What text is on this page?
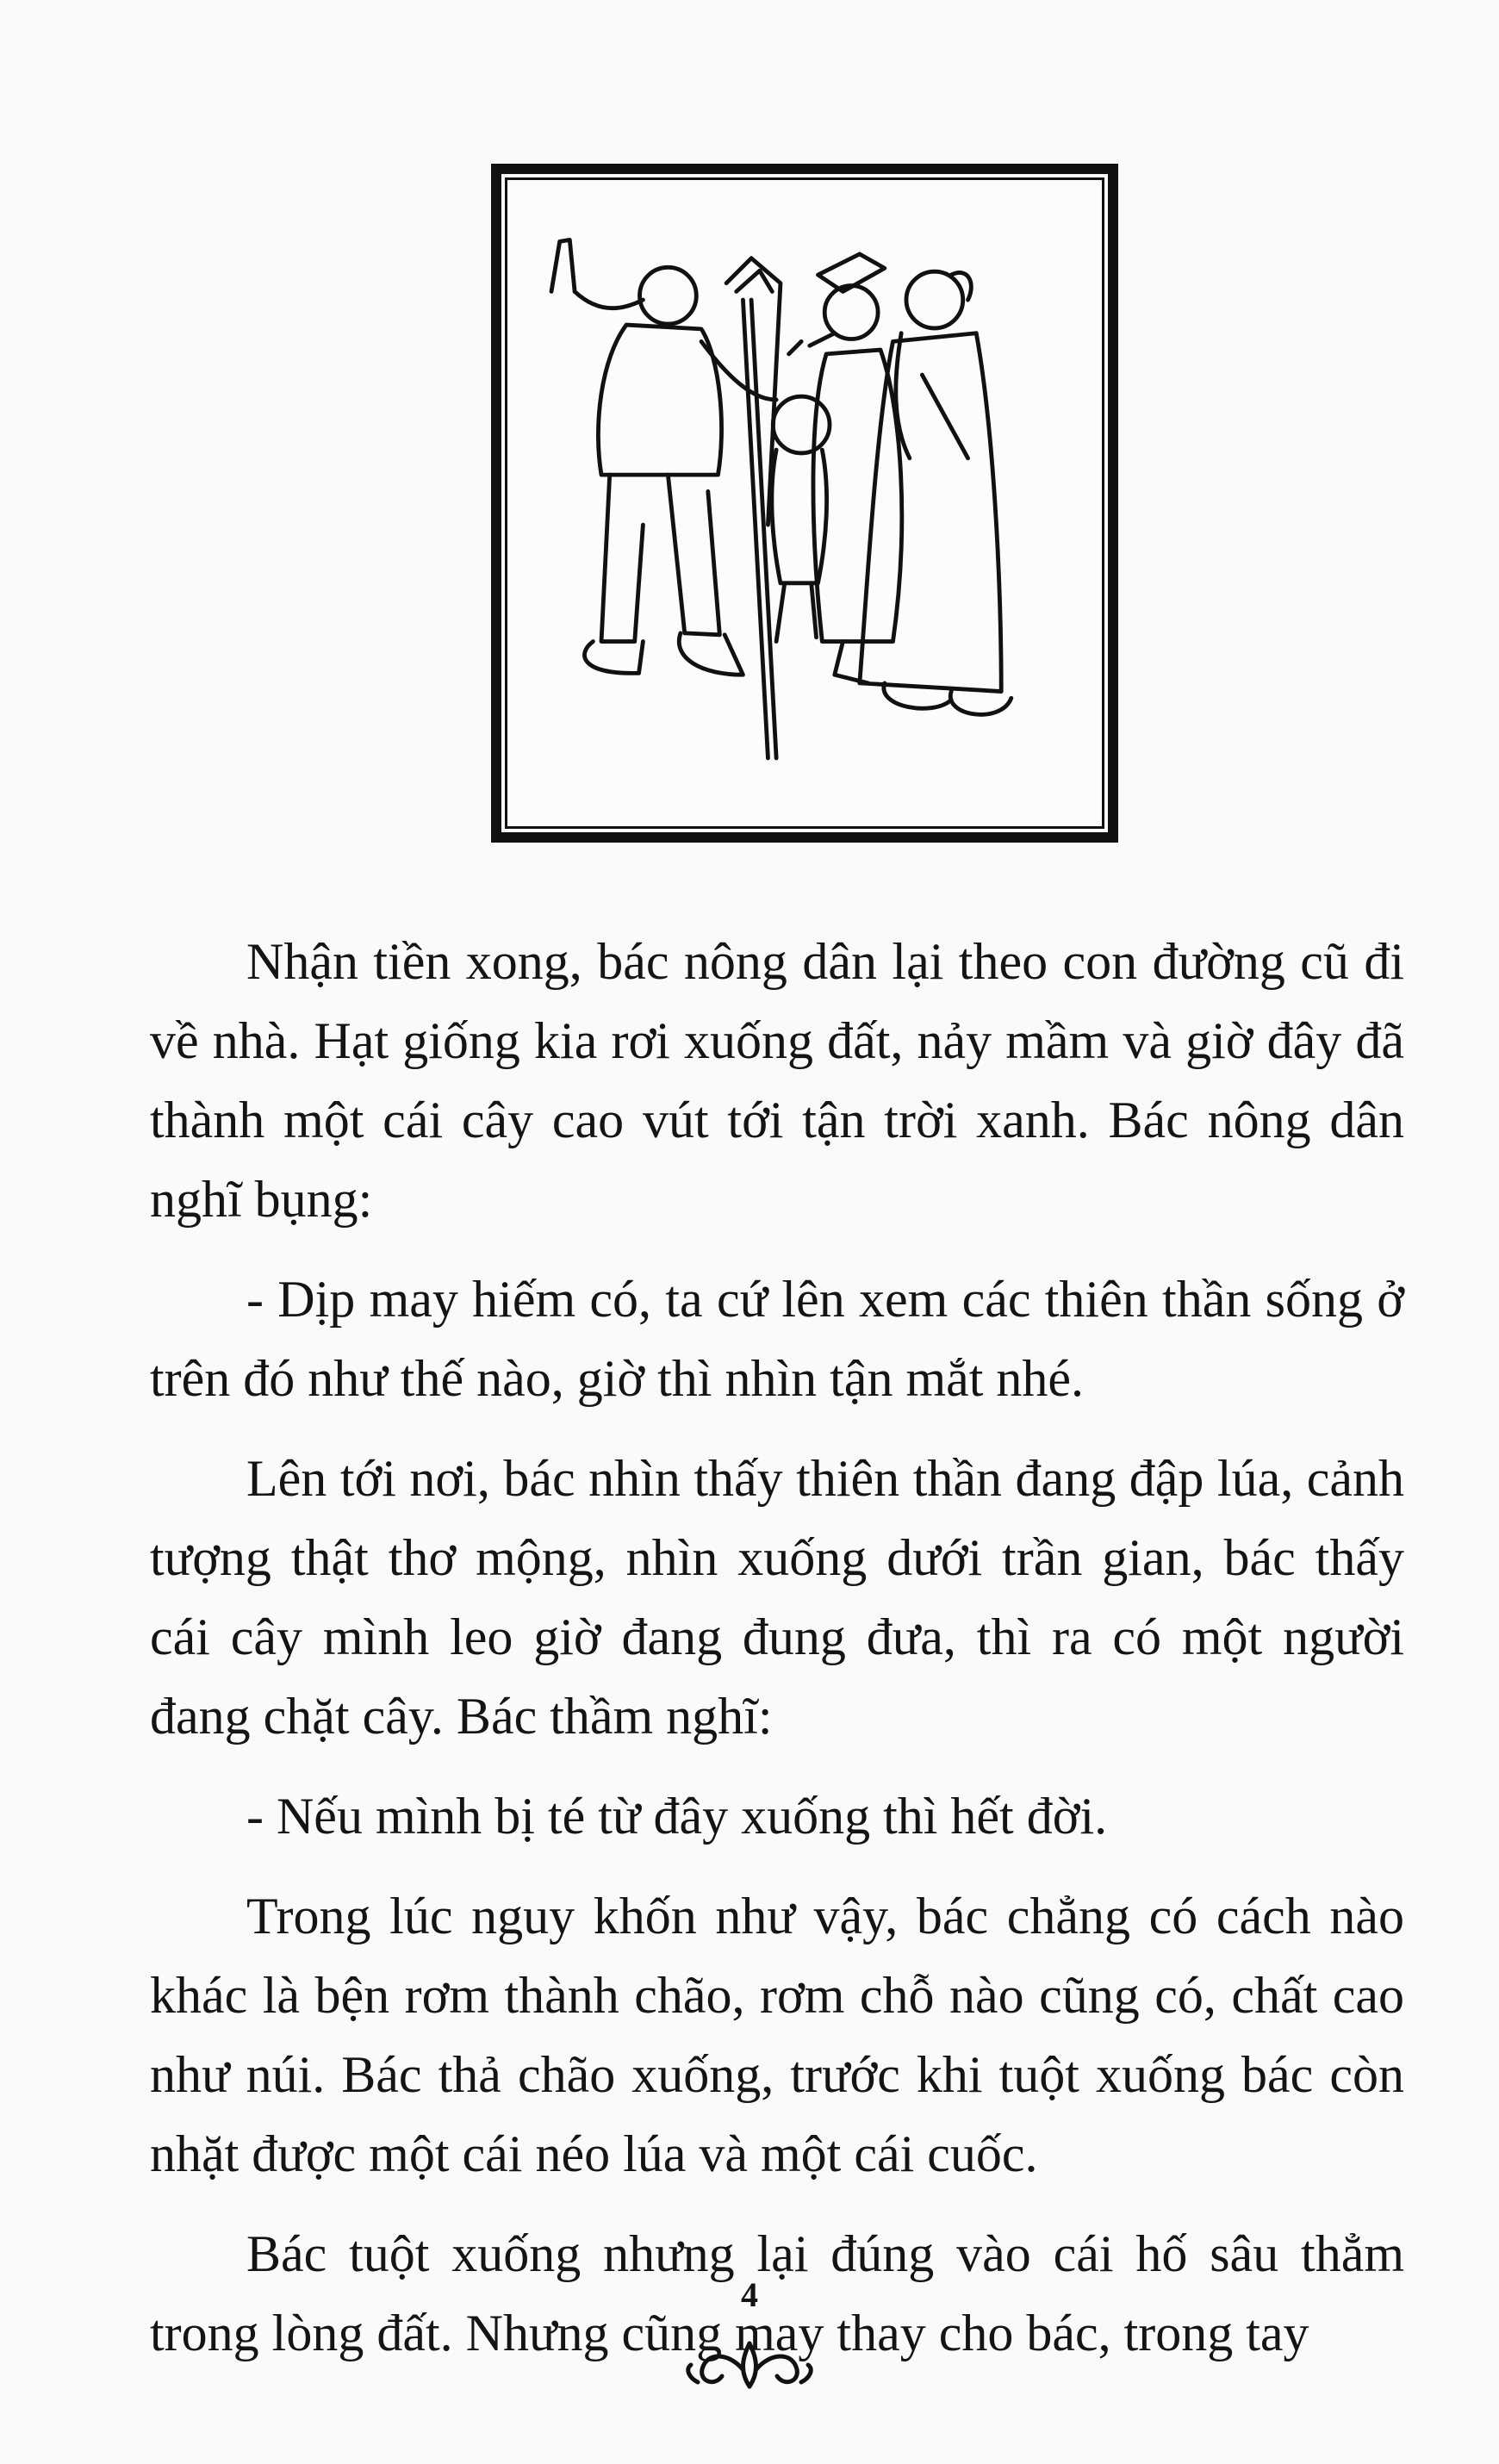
Nhận tiền xong, bác nông dân lại theo con đường cũ đi về nhà. Hạt giống kia rơi xuống đất, nảy mầm và giờ đây đã thành một cái cây cao vút tới tận trời xanh. Bác nông dân nghĩ bụng:

- Dịp may hiếm có, ta cứ lên xem các thiên thần sống ở trên đó như thế nào, giờ thì nhìn tận mắt nhé.

Lên tới nơi, bác nhìn thấy thiên thần đang đập lúa, cảnh tượng thật thơ mộng, nhìn xuống dưới trần gian, bác thấy cái cây mình leo giờ đang đung đưa, thì ra có một người đang chặt cây. Bác thầm nghĩ:

- Nếu mình bị té từ đây xuống thì hết đời.

Trong lúc nguy khốn như vậy, bác chẳng có cách nào khác là bện rơm thành chão, rơm chỗ nào cũng có, chất cao như núi. Bác thả chão xuống, trước khi tuột xuống bác còn nhặt được một cái néo lúa và một cái cuốc.

Bác tuột xuống nhưng lại đúng vào cái hố sâu thẳm trong lòng đất. Nhưng cũng may thay cho bác, trong tay

4
